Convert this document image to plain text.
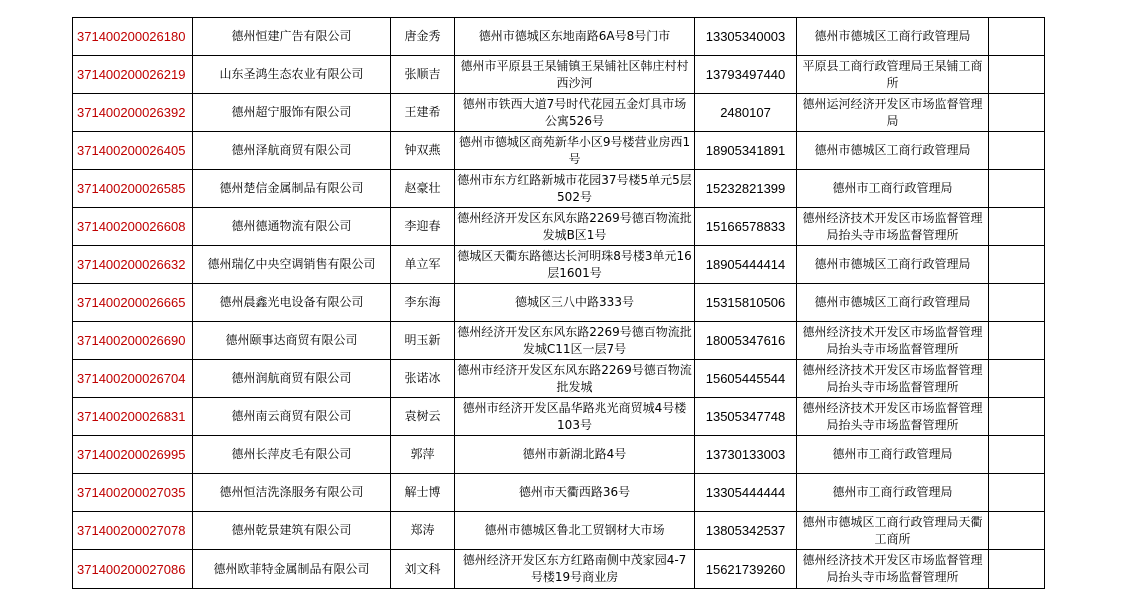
371400200026180	德州恒建广告有限公司	唐金秀	德州市德城区东地南路6A号8号门市	13305340003	德州市德城区工商行政管理局	
371400200026219	山东圣鸿生态农业有限公司	张顺吉	德州市平原县王杲铺镇王杲铺社区韩庄村村西沙河	13793497440	平原县工商行政管理局王杲铺工商所	
371400200026392	德州超宁服饰有限公司	王建希	德州市铁西大道7号时代花园五金灯具市场公寓526号	2480107	德州运河经济开发区市场监督管理局	
371400200026405	德州泽航商贸有限公司	钟双燕	德州市德城区商苑新华小区9号楼营业房西1号	18905341891	德州市德城区工商行政管理局	
371400200026585	德州楚信金属制品有限公司	赵豪壮	德州市东方红路新城市花园37号楼5单元5层502号	15232821399	德州市工商行政管理局	
371400200026608	德州德通物流有限公司	李迎春	德州经济开发区东风东路2269号德百物流批发城B区1号	15166578833	德州经济技术开发区市场监督管理局抬头寺市场监督管理所	
371400200026632	德州瑞亿中央空调销售有限公司	单立军	德城区天衢东路德达长河明珠8号楼3单元16层1601号	18905444414	德州市德城区工商行政管理局	
371400200026665	德州晨鑫光电设备有限公司	李东海	德城区三八中路333号	15315810506	德州市德城区工商行政管理局	
371400200026690	德州颐事达商贸有限公司	明玉新	德州经济开发区东风东路2269号德百物流批发城C11区一层7号	18005347616	德州经济技术开发区市场监督管理局抬头寺市场监督管理所	
371400200026704	德州润航商贸有限公司	张诺冰	德州市经济开发区东风东路2269号德百物流批发城	15605445544	德州经济技术开发区市场监督管理局抬头寺市场监督管理所	
371400200026831	德州南云商贸有限公司	袁树云	德州市经济开发区晶华路兆光商贸城4号楼103号	13505347748	德州经济技术开发区市场监督管理局抬头寺市场监督管理所	
371400200026995	德州长萍皮毛有限公司	郭萍	德州市新湖北路4号	13730133003	德州市工商行政管理局	
371400200027035	德州恒洁洗涤服务有限公司	解士博	德州市天衢西路36号	13305444444	德州市工商行政管理局	
371400200027078	德州乾景建筑有限公司	郑涛	德州市德城区鲁北工贸钢材大市场	13805342537	德州市德城区工商行政管理局天衢工商所	
371400200027086	德州欧菲特金属制品有限公司	刘文科	德州经济开发区东方红路南侧中茂家园4-7号楼19号商业房	15621739260	德州经济技术开发区市场监督管理局抬头寺市场监督管理所	
